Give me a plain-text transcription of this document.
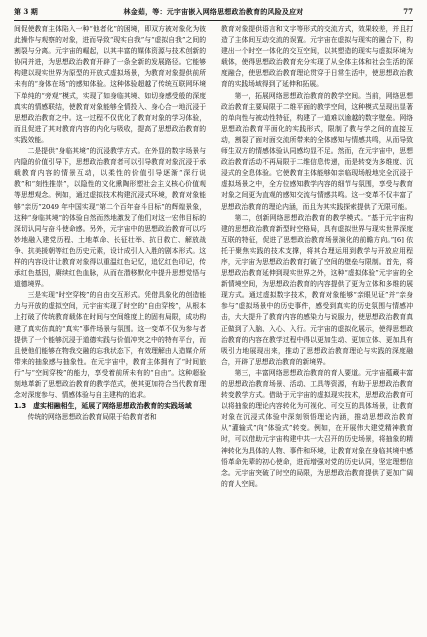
第 3 期	林金茹，等：元宇宙嵌入网络思想政治教育的风险及应对	77

间促使教育主体陷入一种“他者化”的困境，即双方被对象化为彼此操作与观察的对象，进而导致“现实自我”与“虚拟自我”之间的割裂与分离。元宇宙的崛起，以其丰富的媒体资源与技术创新的协同并进，为思想政治教育开辟了一条全新的发展路径。它能够构建以现实世界为原型的开放式虚拟场景，为教育对象提供前所未有的“身体在场”的感知体验。这种体验超越了传统互联网环境下单纯的“旁观”模式，实现了如身临其境、如切身感受般的深度真实的情感联结，使教育对象能够全情投入、身心合一地沉浸于思想政治教育之中。这一过程不仅优化了教育对象的学习体验，而且促进了其对教育内容的内化与吸收，提高了思想政治教育的实践效能。

二是提供“身临其境”的沉浸教学方式。在外显的数字场景与内隐的价值引导下，思想政治教育者可以引导教育对象沉浸于承载教育内容的情景互动，以柔性的价值引导逐渐“深行说教”和“刻性推崇”，以隐性的文化熏陶形塑社会主义核心价值观等思想观念。例如，通过虚拟技术构建沉浸式环境，教育对象能够“亲历”2049 年中国实现“第二个百年奋斗目标”的辉煌景象，这种“身临其境”的体验自然而然地激发了他们对这一宏伟目标的深切认同与奋斗使命感。另外，元宇宙中的思想政治教育可以巧妙地融入建党历程、土地革命、长征壮举、抗日救亡、解放战争、抗美援朝等红色历史元素，设计成引人入胜的剧本形式。这样的内容设计让教育对象得以重温红色记忆，追忆红色印记，传承红色基因，赓续红色血脉，从而在潜移默化中提升思想觉悟与道德境界。

三是实现“时空穿梭”的自由交互形式。凭借具象化的创造能力与开放的虚拟空间，元宇宙实现了时空的“自由穿梭”，从根本上打破了传统教育载体在时间与空间维度上的固有局限，成功构建了真实仿真的“真实”事件场景与氛围。这一变革不仅为参与者提供了一个能够沉浸于道德实践与价值冲突之中的特有平台，而且使他们能够在物我交融的忘我状态下，有效理解由人造媒介所带来的抽象感与抽象性。在元宇宙中，教育主体拥有了“时间旅行”与“空间穿梭”的能力，享受着前所未有的“自由”。这种超验刻地革新了思想政治教育的教学范式，使其更加符合当代教育理念对深度参与、情感体验与自主建构的追求。

1.3　虚实相融相生，延展了网络思想政治教育的实践场域

传统的网络思想政治教育局限于给教育者和

教育对象提供语言和文字等形式的交流方式，效果较差，并且打造了主体间互动交流的误置。元宇宙在虚拟与现实的融合下，构建出一个时空一体化的交互空间，以其塑造的现实与虚拟环境为载体，使得思想政治教育充分实现了从全体主体和社会生活的深度融合，使思想政治教育理论贯穿于日常生活中，使思想政治教育的实践场域得到了延伸和拓展。

第一，拓展网络思想政治教育的教学空间。当前，网络思想政治教育主要局限于二维平面的教学空间，这种模式呈现出显著的单向性与被动性特征，构建了一道难以逾越的数字壁垒。网络思想政治教育平面化的实践形式，限制了教与学之间的直接互动，割裂了面对面交流所带来的全体感知与情感共鸣，从而导致师生双方的情感体验认同感均显不足。然而，在元宇宙中，思想政治教育活动不再局限于二维信息传递，而是转变为多维度、沉浸式的全息体验。它使教育主体能够如亲临现场般地完全沉浸于虚拟场景之中，全方位感知教学内容的细节与氛围，享受与教育对象之间更为直观的感知交流与情感共鸣。这一变革不仅丰富了思想政治教育的理论内涵，而且为其实践探索提供了无限可能。

第二，创新网络思想政治教育的教学模式。“基于元宇宙构建的思想政治教育新型时空格局，具有虚拟世界与现实世界深度互联的特征，促进了思想政治教育场景演化的前瞻方向。”[6] 依托于聚焦实践的技术支撑，将其合理运用到教学与开放应用程序，元宇宙为思想政治教育打破了空间的壁垒与限制。首先，将思想政治教育延伸到现实世界之外，这种“虚拟体验”元宇宙的全新情境空间，为思想政治教育的内容提供了更为立体和多维的展现方式。通过虚拟数字技术，教育对象能够“亲眼见证”并“亲身参与”虚拟场景中的历史事件，感受到真实的历史氛围与情感冲击，大大提升了教育内容的感染力与说服力，使思想政治教育真正做到了入脑、入心、入行。元宇宙的虚拟化展示，使得思想政治教育的内容在教学过程中得以更加生动、更加立体、更加具有吸引力地展现出来，推动了思想政治教育理论与实践的深度融合，开辟了思想政治教育的新境界。

第三，丰富网络思想政治教育的育人要道。元宇宙蕴藏丰富的思想政治教育场景、活动、工具等资源，有助于思想政治教育转变教学方式。借助于元宇宙的虚拟现实技术，思想政治教育可以将抽象的理论内容转化为可视化、可交互的具体场景，让教育对象在沉浸式体验中深刻领悟理论内涵，推动思想政治教育从“灌输式”向“体验式”转变。例如，在开展伟大建党精神教育时，可以借助元宇宙构建中共一大召开的历史场景，将抽象的精神转化为具体的人物、事件和环境，让教育对象在身临其境中感悟革命先辈的初心使命，进而增强对党的历史认同，坚定理想信念。元宇宙突破了时空的局限，为思想政治教育提供了更加广阔的育人空间。
